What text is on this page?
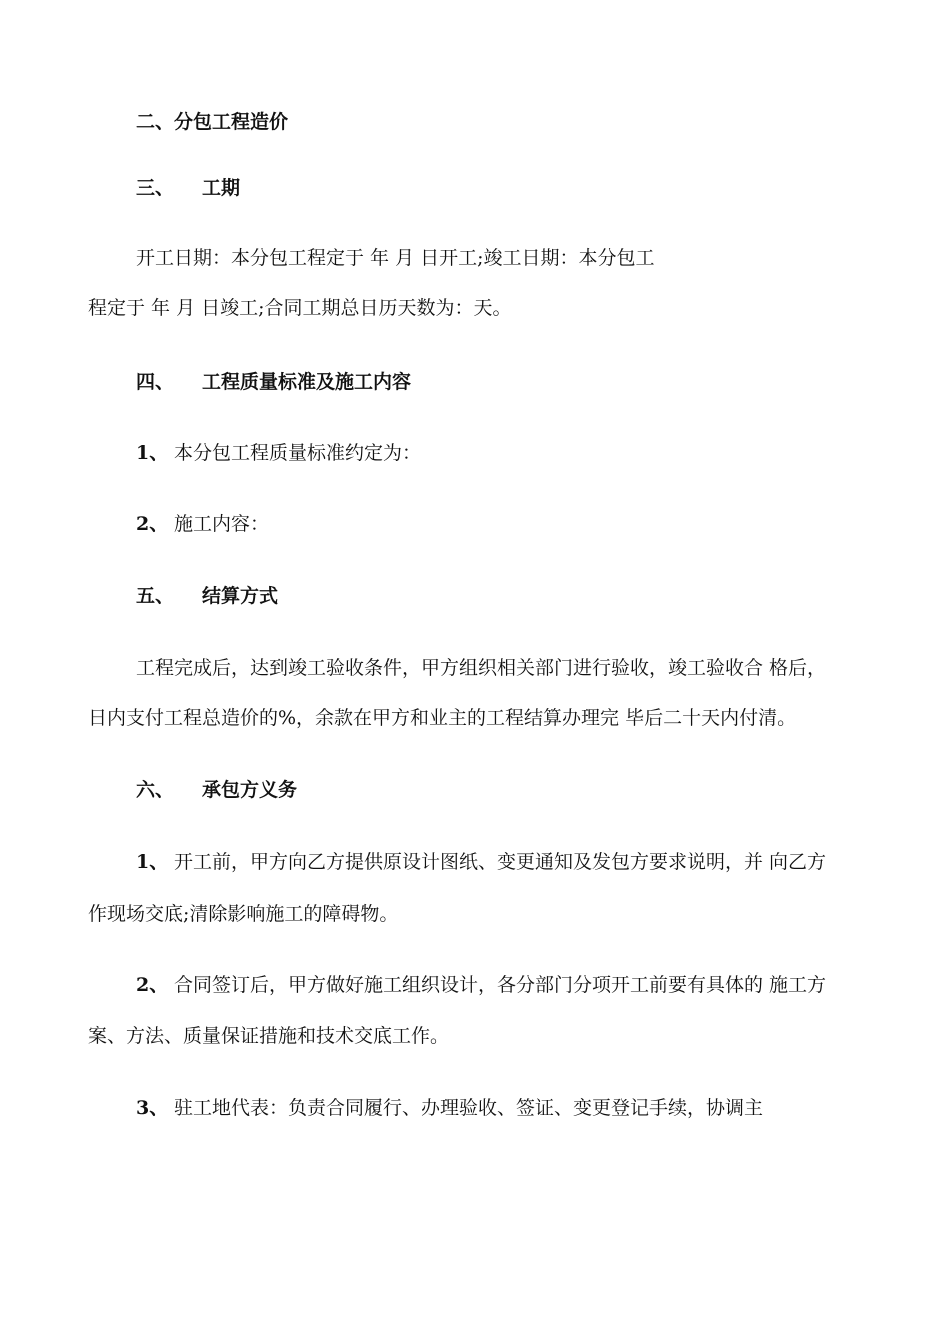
二、分包工程造价
三、 工期
开工日期：本分包工程定于 年 月 日开工;竣工日期：本分包工
程定于 年 月 日竣工;合同工期总日历天数为：天。
四、 工程质量标准及施工内容
1、 本分包工程质量标准约定为：
2、 施工内容：
五、 结算方式
工程完成后，达到竣工验收条件，甲方组织相关部门进行验收，竣工验收合 格后，
日内支付工程总造价的%，余款在甲方和业主的工程结算办理完 毕后二十天内付清。
六、 承包方义务
1、 开工前，甲方向乙方提供原设计图纸、变更通知及发包方要求说明，并 向乙方
作现场交底;清除影响施工的障碍物。
2、 合同签订后，甲方做好施工组织设计，各分部门分项开工前要有具体的 施工方
案、方法、质量保证措施和技术交底工作。
3、 驻工地代表：负责合同履行、办理验收、签证、变更登记手续，协调主
